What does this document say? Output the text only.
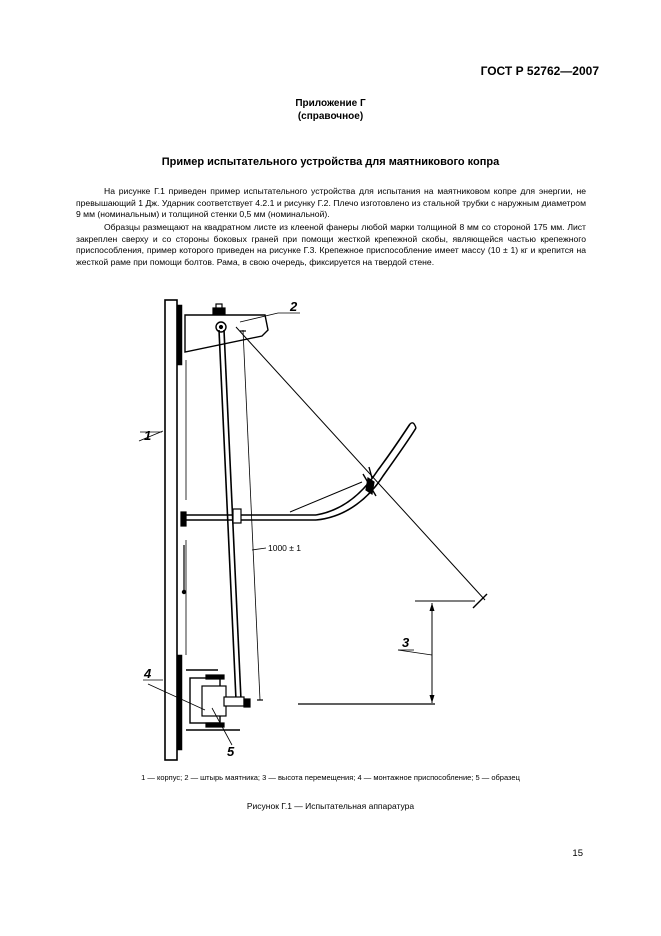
ГОСТ Р 52762—2007
Приложение Г
(справочное)
Пример испытательного устройства для маятникового копра

На рисунке Г.1 приведен пример испытательного устройства для испытания на маятниковом копре для энергии, не превышающий 1 Дж. Ударник соответствует 4.2.1 и рисунку Г.2. Плечо изготовлено из стальной трубки с наружным диаметром 9 мм (номинальным) и толщиной стенки 0,5 мм (номинальной).

Образцы размещают на квадратном листе из клееной фанеры любой марки толщиной 8 мм со стороной 175 мм. Лист закреплен сверху и со стороны боковых граней при помощи жесткой крепежной скобы, являющейся частью крепежного приспособления, пример которого приведен на рисунке Г.3. Крепежное приспособление имеет массу (10 ± 1) кг и крепится на жесткой раме при помощи болтов. Рама, в свою очередь, фиксируется на твердой стене.

1
2
3
4
5
1000 ± 1
1 — корпус; 2 — штырь маятника; 3 — высота перемещения; 4 — монтажное приспособление; 5 — образец
Рисунок Г.1 — Испытательная аппаратура
15
